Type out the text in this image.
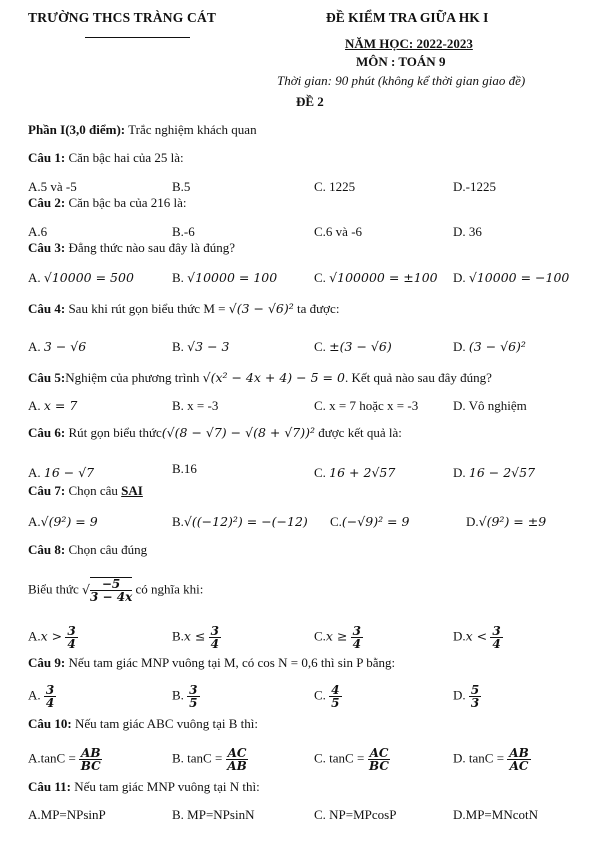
TRƯỜNG THCS TRÀNG CÁT	ĐỀ KIỂM TRA GIỮA HK I
NĂM HỌC: 2022-2023
MÔN : TOÁN 9
Thời gian: 90 phút (không kể thời gian giao đề)
ĐỀ 2
Phần I(3,0 điểm): Trắc nghiệm khách quan
Câu 1: Căn bậc hai của 25 là:
A.5 và -5	B.5	C. 1225	D.-1225
Câu 2: Căn bậc ba của 216 là:
A.6	B.-6	C.6 và -6	D. 36
Câu 3: Đẳng thức nào sau đây là đúng?
A. √10000 = 500	B. √10000 = 100	C. √100000 = ±100 D. √10000 = −100
Câu 4: Sau khi rút gọn biểu thức M = √(3 − √6)² ta được:
A. 3 − √6	B. √3 − 3	C. ±(3 − √6)	D. (3 − √6)²
Câu 5:Nghiệm của phương trình √(x² − 4x + 4) − 5 = 0. Kết quả nào sau đây đúng?
A. x = 7	B. x = -3	C. x = 7 hoặc x = -3	D. Vô nghiệm
Câu 6: Rút gọn biểu thức(√(8 − √7) − √(8 + √7))² được kết quả là:
A. 16 − √7	B.16	C. 16 + 2√57	D. 16 − 2√57
Câu 7: Chọn câu SAI
A.√(9²) = 9	B.√((−12)²) = −(−12) C.(−√9)² = 9	D.√(9²) = ±9
Câu 8: Chọn câu đúng
Biểu thức √ $\frac{-5}{3 - 4x}$ có nghĩa khi:
$A.x > \frac{3}{4}$	$B.x \le \frac{3}{4}$	$C.x \ge \frac{3}{4}$	$D.x < \frac{3}{4}$
Câu 9: Nếu tam giác MNP vuông tại M, có cos N = 0,6 thì sin P bằng:
A. $\frac{3}{4}$	B. $\frac{3}{5}$	C. $\frac{4}{5}$	D. $\frac{5}{3}$
Câu 10: Nếu tam giác ABC vuông tại B thì:
$A.\tan C = \frac{AB}{BC}$	B. $\tan C = \frac{AC}{AB}$	C. $\tan C = \frac{AC}{BC}$	D. $\tan C = \frac{AB}{AC}$
Câu 11: Nếu tam giác MNP vuông tại N thì:
A.MP=NPsinP	B. MP=NPsinN	C. NP=MPcosP	D.MP=MNcotN
